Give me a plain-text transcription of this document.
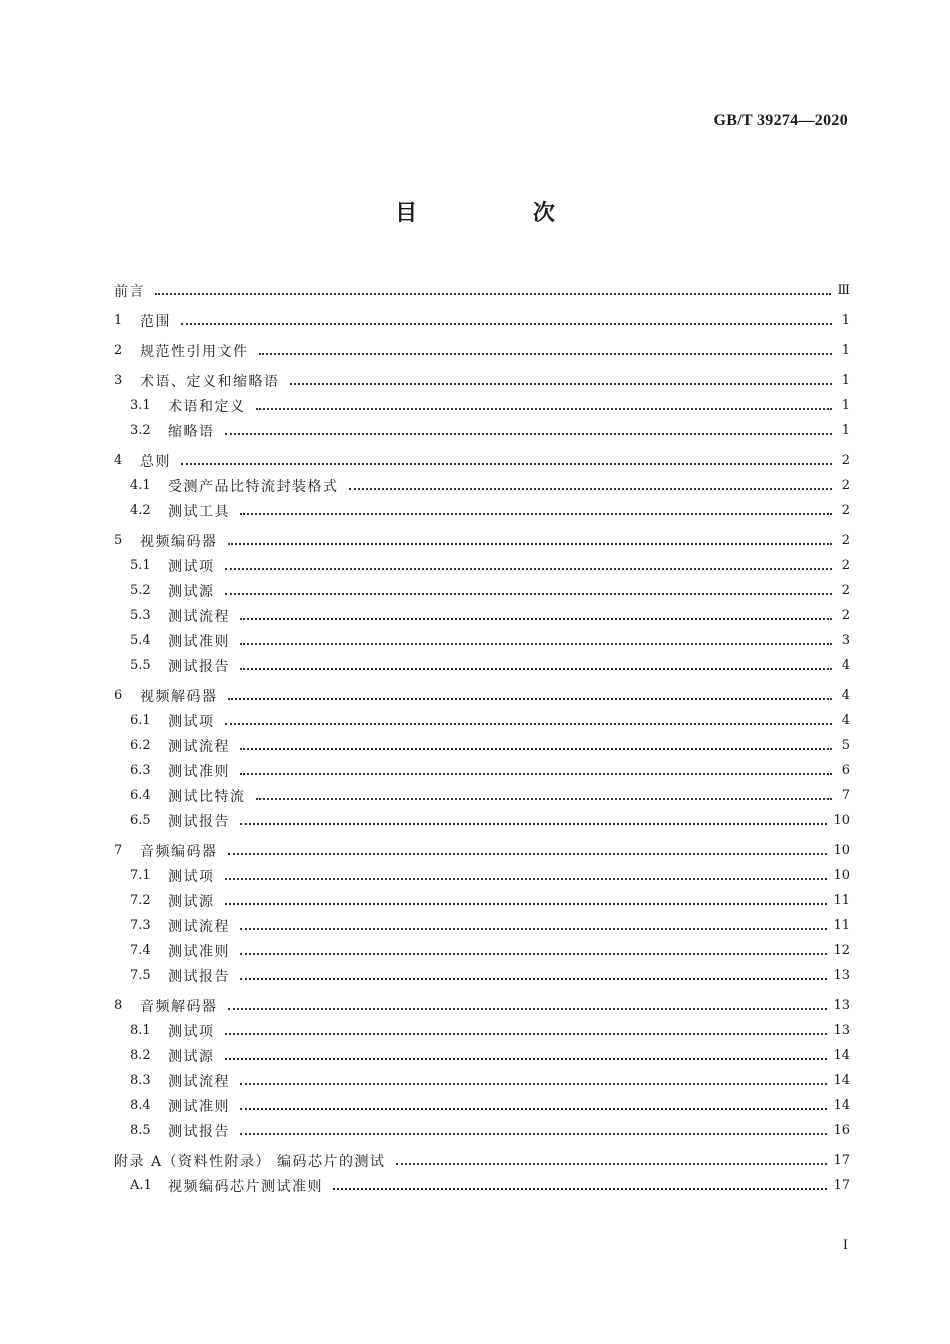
GB/T 39274—2020
目 次
前言	Ⅲ
1	范围	1
2	规范性引用文件	1
3	术语、定义和缩略语	1
3.1	术语和定义	1
3.2	缩略语	1
4	总则	2
4.1	受测产品比特流封装格式	2
4.2	测试工具	2
5	视频编码器	2
5.1	测试项	2
5.2	测试源	2
5.3	测试流程	2
5.4	测试准则	3
5.5	测试报告	4
6	视频解码器	4
6.1	测试项	4
6.2	测试流程	5
6.3	测试准则	6
6.4	测试比特流	7
6.5	测试报告	10
7	音频编码器	10
7.1	测试项	10
7.2	测试源	11
7.3	测试流程	11
7.4	测试准则	12
7.5	测试报告	13
8	音频解码器	13
8.1	测试项	13
8.2	测试源	14
8.3	测试流程	14
8.4	测试准则	14
8.5	测试报告	16
附录 A（资料性附录） 编码芯片的测试	17
A.1	视频编码芯片测试准则	17
I
